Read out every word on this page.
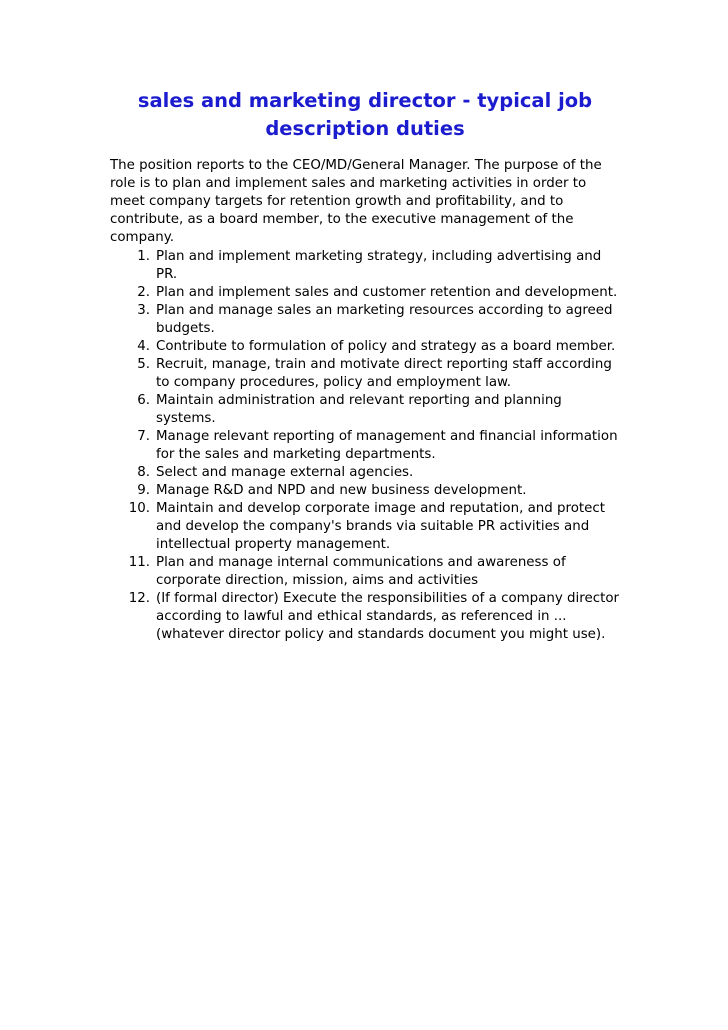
sales and marketing director - typical job description duties

The position reports to the CEO/MD/General Manager. The purpose of the role is to plan and implement sales and marketing activities in order to meet company targets for retention growth and profitability, and to contribute, as a board member, to the executive management of the company.

1. Plan and implement marketing strategy, including advertising and PR.
2. Plan and implement sales and customer retention and development.
3. Plan and manage sales an marketing resources according to agreed budgets.
4. Contribute to formulation of policy and strategy as a board member.
5. Recruit, manage, train and motivate direct reporting staff according to company procedures, policy and employment law.
6. Maintain administration and relevant reporting and planning systems.
7. Manage relevant reporting of management and financial information for the sales and marketing departments.
8. Select and manage external agencies.
9. Manage R&D and NPD and new business development.
10. Maintain and develop corporate image and reputation, and protect and develop the company's brands via suitable PR activities and intellectual property management.
11. Plan and manage internal communications and awareness of corporate direction, mission, aims and activities
12. (If formal director) Execute the responsibilities of a company director according to lawful and ethical standards, as referenced in ... (whatever director policy and standards document you might use).
